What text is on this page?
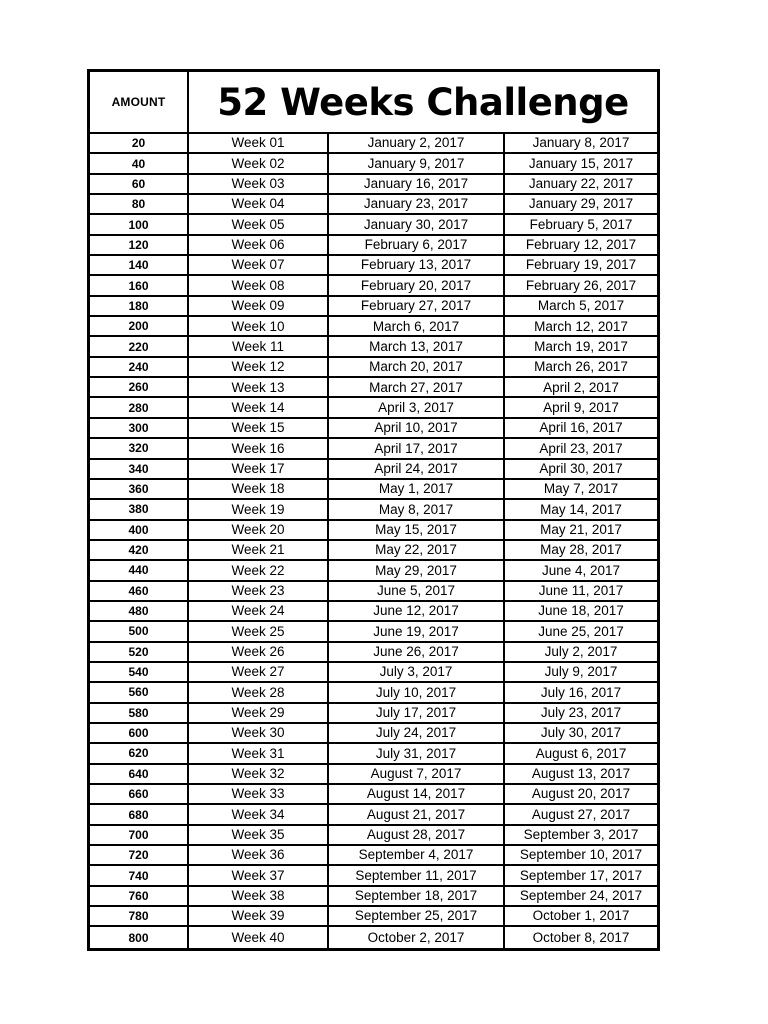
AMOUNT	52 Weeks Challenge
20	Week 01	January 2, 2017	January 8, 2017
40	Week 02	January 9, 2017	January 15, 2017
60	Week 03	January 16, 2017	January 22, 2017
80	Week 04	January 23, 2017	January 29, 2017
100	Week 05	January 30, 2017	February 5, 2017
120	Week 06	February 6, 2017	February 12, 2017
140	Week 07	February 13, 2017	February 19, 2017
160	Week 08	February 20, 2017	February 26, 2017
180	Week 09	February 27, 2017	March 5, 2017
200	Week 10	March 6, 2017	March 12, 2017
220	Week 11	March 13, 2017	March 19, 2017
240	Week 12	March 20, 2017	March 26, 2017
260	Week 13	March 27, 2017	April 2, 2017
280	Week 14	April 3, 2017	April 9, 2017
300	Week 15	April 10, 2017	April 16, 2017
320	Week 16	April 17, 2017	April 23, 2017
340	Week 17	April 24, 2017	April 30, 2017
360	Week 18	May 1, 2017	May 7, 2017
380	Week 19	May 8, 2017	May 14, 2017
400	Week 20	May 15, 2017	May 21, 2017
420	Week 21	May 22, 2017	May 28, 2017
440	Week 22	May 29, 2017	June 4, 2017
460	Week 23	June 5, 2017	June 11, 2017
480	Week 24	June 12, 2017	June 18, 2017
500	Week 25	June 19, 2017	June 25, 2017
520	Week 26	June 26, 2017	July 2, 2017
540	Week 27	July 3, 2017	July 9, 2017
560	Week 28	July 10, 2017	July 16, 2017
580	Week 29	July 17, 2017	July 23, 2017
600	Week 30	July 24, 2017	July 30, 2017
620	Week 31	July 31, 2017	August 6, 2017
640	Week 32	August 7, 2017	August 13, 2017
660	Week 33	August 14, 2017	August 20, 2017
680	Week 34	August 21, 2017	August 27, 2017
700	Week 35	August 28, 2017	September 3, 2017
720	Week 36	September 4, 2017	September 10, 2017
740	Week 37	September 11, 2017	September 17, 2017
760	Week 38	September 18, 2017	September 24, 2017
780	Week 39	September 25, 2017	October 1, 2017
800	Week 40	October 2, 2017	October 8, 2017
